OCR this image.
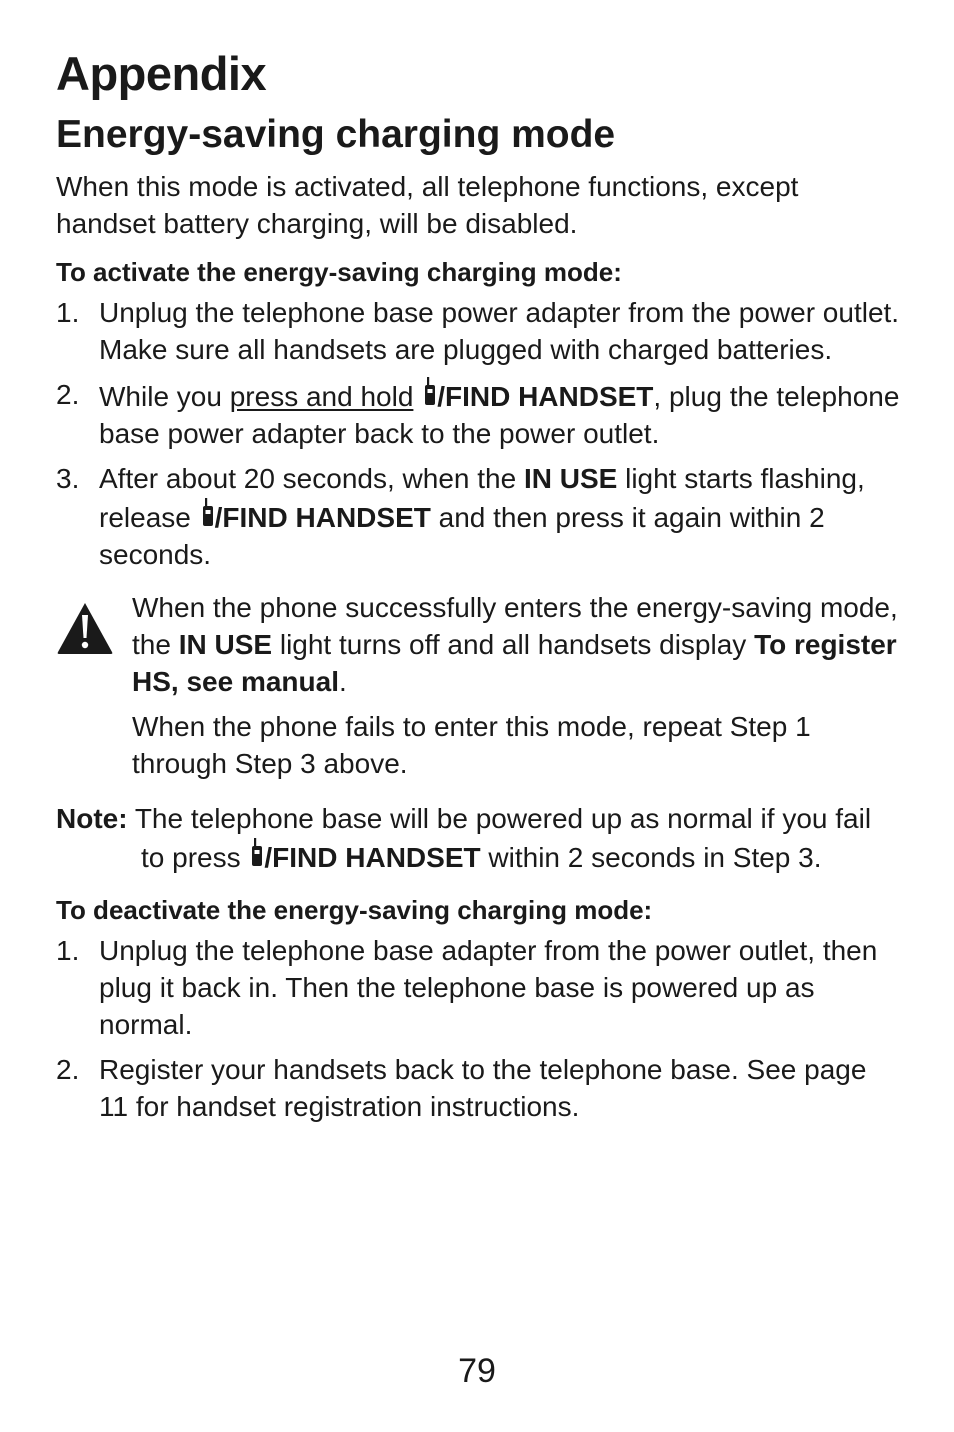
Appendix
Energy-saving charging mode

When this mode is activated, all telephone functions, except handset battery charging, will be disabled.

To activate the energy-saving charging mode:

1. Unplug the telephone base power adapter from the power outlet. Make sure all handsets are plugged with charged batteries.
2. While you press and hold /FIND HANDSET, plug the telephone base power adapter back to the power outlet.
3. After about 20 seconds, when the IN USE light starts flashing, release /FIND HANDSET and then press it again within 2 seconds.

When the phone successfully enters the energy-saving mode, the IN USE light turns off and all handsets display To register HS, see manual.

When the phone fails to enter this mode, repeat Step 1 through Step 3 above.

Note: The telephone base will be powered up as normal if you fail to press /FIND HANDSET within 2 seconds in Step 3.

To deactivate the energy-saving charging mode:

1. Unplug the telephone base adapter from the power outlet, then plug it back in. Then the telephone base is powered up as normal.
2. Register your handsets back to the telephone base. See page 11 for handset registration instructions.
79
